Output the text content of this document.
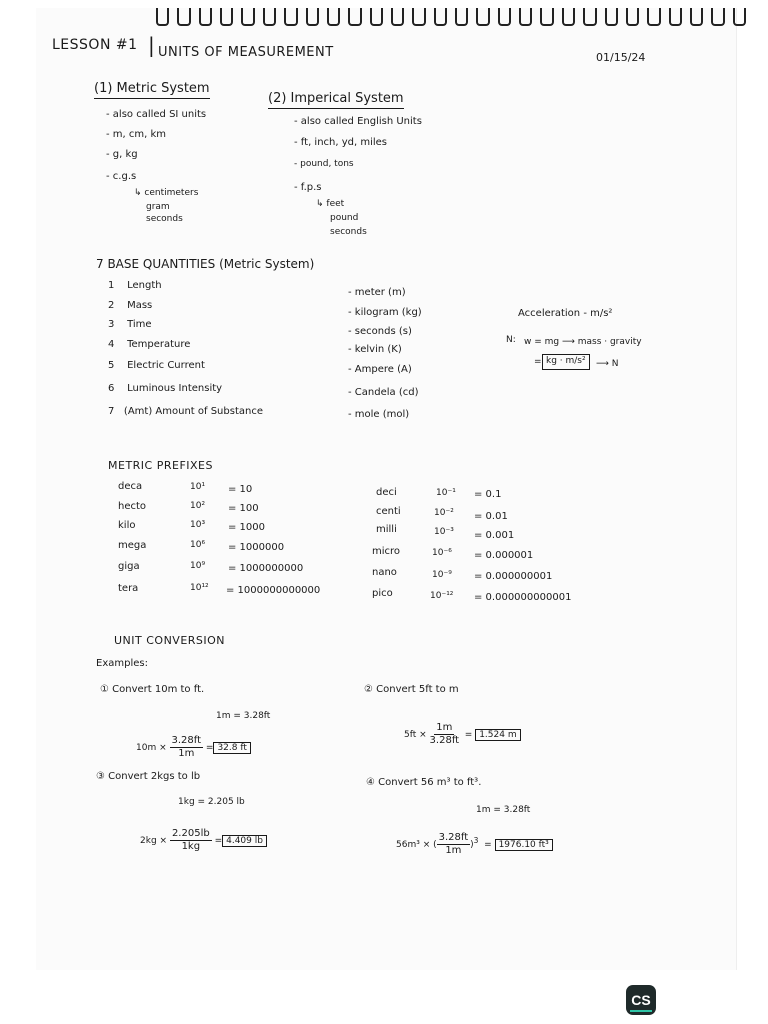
LESSON #1 | UNITS OF MEASUREMENT	01/15/24
(1) Metric System
- also called SI units
- m, cm, km
- g, kg
- c.g.s
↳ centimeters
gram
seconds
(2) Imperical System
- also called English Units
- ft, inch, yd, miles
- pound, tons
- f.p.s
↳ feet
pound
seconds
7 BASE QUANTITIES (Metric System)
1 Length
2 Mass
3 Time
4 Temperature
5 Electric Current
6 Luminous Intensity
7 (Amt) Amount of Substance
- meter (m)
- kilogram (kg)
- seconds (s)
- kelvin (K)
- Ampere (A)
- Candela (cd)
- mole (mol)
Acceleration - m/s²
N: w = mg ⟶ mass · gravity
= kg · m/s²	⟶ N
METRIC PREFIXES
deca
hecto
kilo
mega
giga
tera
10¹
10²
10³
10⁶
10⁹
10¹²
= 10
= 100
= 1000
= 1000000
= 1000000000
= 1000000000000
deci
centi
milli
micro
nano
pico
10⁻¹
10⁻²
10⁻³
10⁻⁶
10⁻⁹
10⁻¹²
= 0.1
= 0.01
= 0.001
= 0.000001
= 0.000000001
= 0.000000000001
UNIT CONVERSION
Examples:
① Convert 10m to ft.
1m = 3.28ft
$10m \times \frac{3.28ft}{1m} = 32.8$ ft
② Convert 5ft to m
$5ft \times \frac{1m}{3.28ft} = 1.524$ m
③ Convert 2kgs to lb
1kg = 2.205 lb
$2kg \times \frac{2.205lb}{1kg} = 4.409$ lb
④ Convert 56 m³ to ft³.
1m = 3.28ft
56m³ × ( $\frac{3.28ft}{1m} )^3 = 1976.10$ ft³
CS
